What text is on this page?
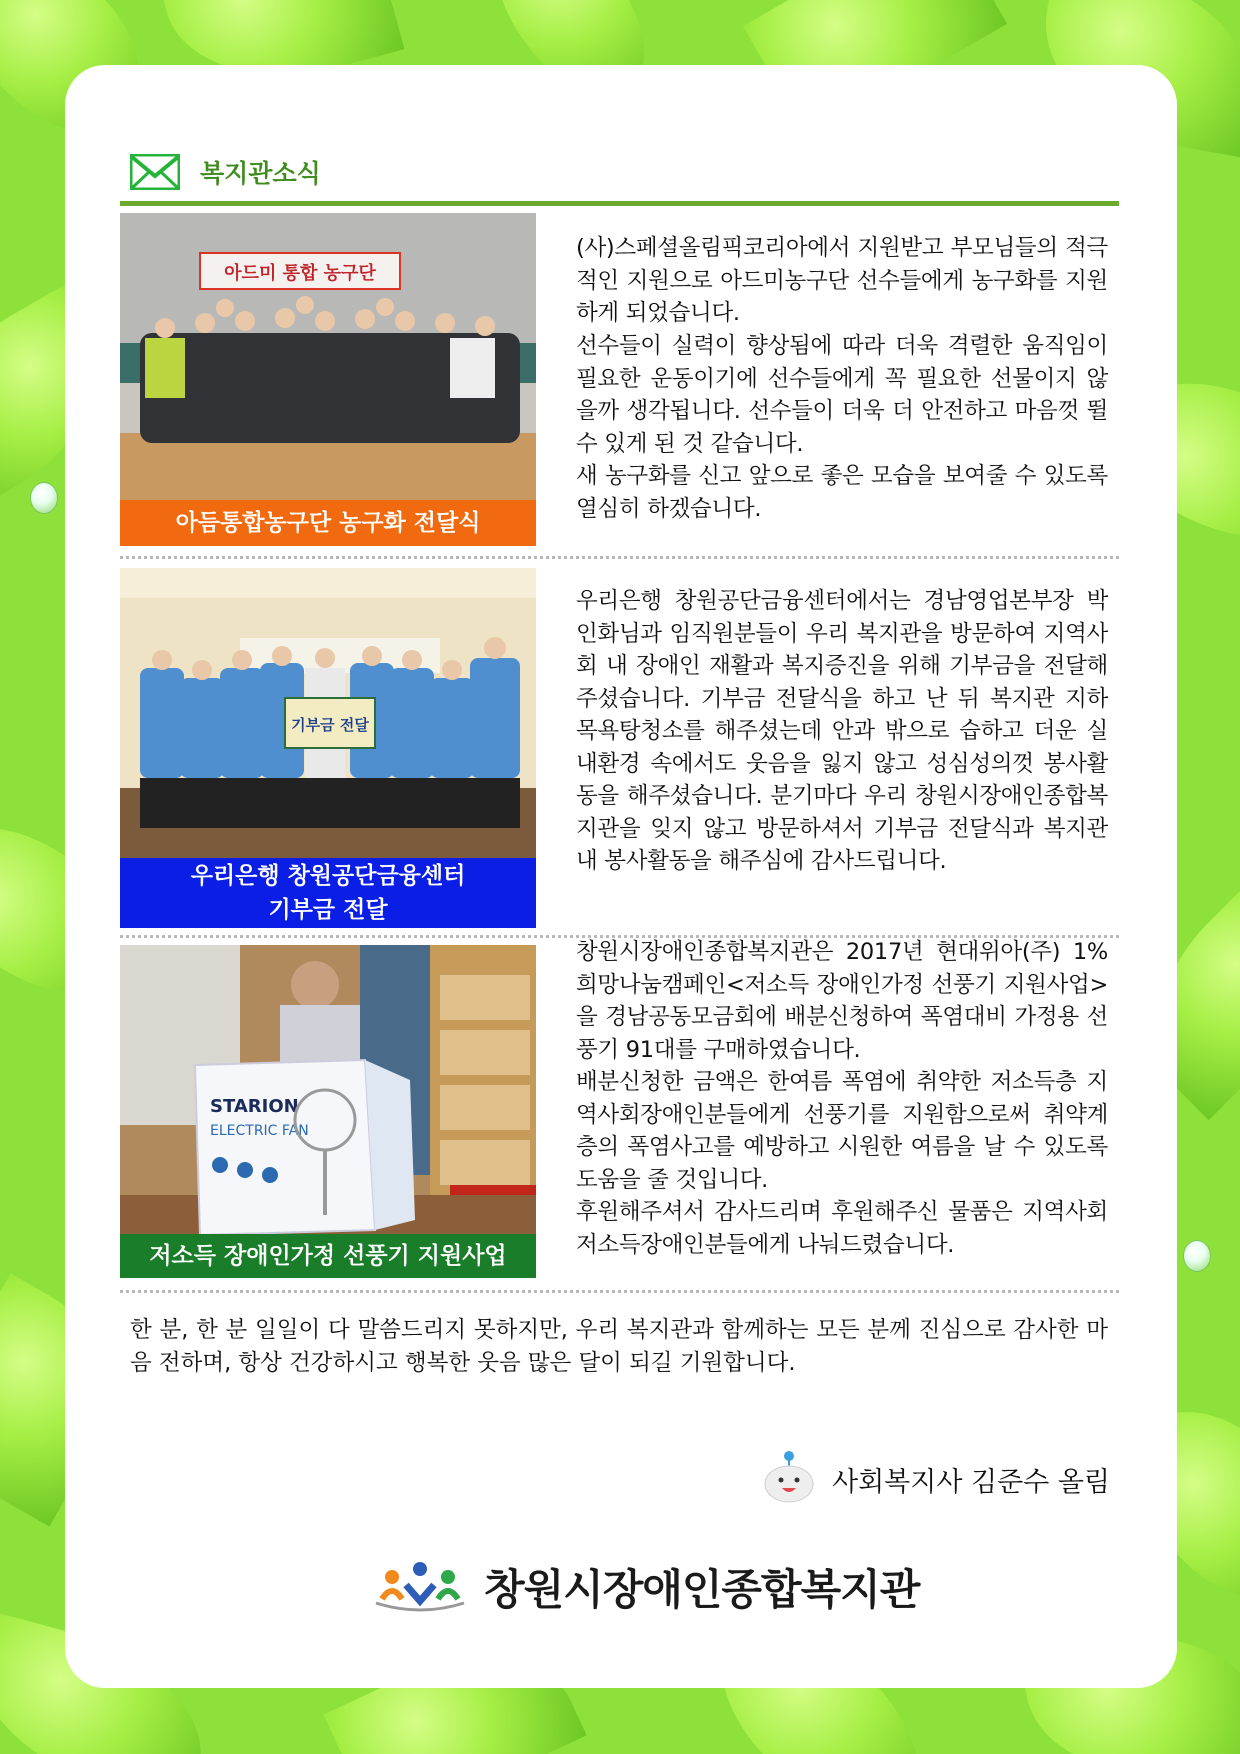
복지관소식
아드미 통합 농구단
아듬통합농구단 농구화 전달식

(사)스페셜올림픽코리아에서 지원받고 부모님들의 적극적인 지원으로 아드미농구단 선수들에게 농구화를 지원하게 되었습니다.

선수들이 실력이 향상됨에 따라 더욱 격렬한 움직임이 필요한 운동이기에 선수들에게 꼭 필요한 선물이지 않을까 생각됩니다. 선수들이 더욱 더 안전하고 마음껏 뛸 수 있게 된 것 같습니다.

새 농구화를 신고 앞으로 좋은 모습을 보여줄 수 있도록 열심히 하겠습니다.

기부금 전달
우리은행 창원공단금융센터
기부금 전달

우리은행 창원공단금융센터에서는 경남영업본부장 박인화님과 임직원분들이 우리 복지관을 방문하여 지역사회 내 장애인 재활과 복지증진을 위해 기부금을 전달해 주셨습니다. 기부금 전달식을 하고 난 뒤 복지관 지하 목욕탕청소를 해주셨는데 안과 밖으로 습하고 더운 실내환경 속에서도 웃음을 잃지 않고 성심성의껏 봉사활동을 해주셨습니다. 분기마다 우리 창원시장애인종합복지관을 잊지 않고 방문하셔서 기부금 전달식과 복지관내 봉사활동을 해주심에 감사드립니다.

STARION
ELECTRIC FAN
저소득 장애인가정 선풍기 지원사업

창원시장애인종합복지관은 2017년 현대위아(주) 1% 희망나눔캠페인<저소득 장애인가정 선풍기 지원사업>을 경남공동모금회에 배분신청하여 폭염대비 가정용 선풍기 91대를 구매하였습니다.

배분신청한 금액은 한여름 폭염에 취약한 저소득층 지역사회장애인분들에게 선풍기를 지원함으로써 취약계층의 폭염사고를 예방하고 시원한 여름을 날 수 있도록 도움을 줄 것입니다.

후원해주셔서 감사드리며 후원해주신 물품은 지역사회 저소득장애인분들에게 나눠드렸습니다.

한 분, 한 분 일일이 다 말씀드리지 못하지만, 우리 복지관과 함께하는 모든 분께 진심으로 감사한 마음 전하며, 항상 건강하시고 행복한 웃음 많은 달이 되길 기원합니다.

사회복지사 김준수 올림
창원시장애인종합복지관
